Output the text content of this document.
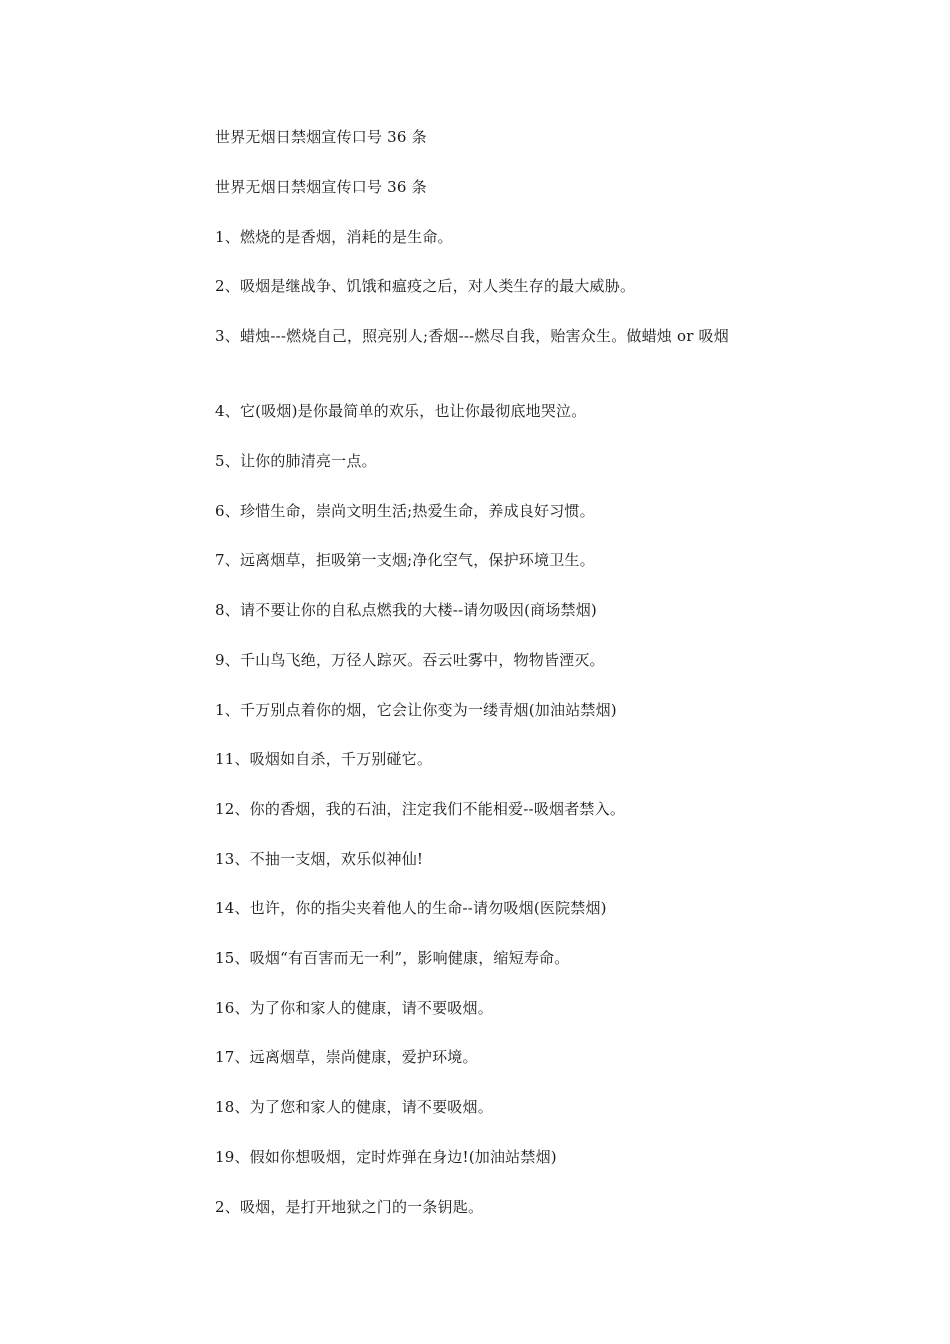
世界无烟日禁烟宣传口号 36 条
世界无烟日禁烟宣传口号 36 条
1、燃烧的是香烟，消耗的是生命。
2、吸烟是继战争、饥饿和瘟疫之后，对人类生存的最大威胁。
3、蜡烛---燃烧自己，照亮别人;香烟---燃尽自我，贻害众生。做蜡烛 or 吸烟
4、它(吸烟)是你最简单的欢乐，也让你最彻底地哭泣。
5、让你的肺清亮一点。
6、珍惜生命，崇尚文明生活;热爱生命，养成良好习惯。
7、远离烟草，拒吸第一支烟;净化空气，保护环境卫生。
8、请不要让你的自私点燃我的大楼--请勿吸因(商场禁烟)
9、千山鸟飞绝，万径人踪灭。吞云吐雾中，物物皆湮灭。
1、千万别点着你的烟，它会让你变为一缕青烟(加油站禁烟)
11、吸烟如自杀，千万别碰它。
12、你的香烟，我的石油，注定我们不能相爱--吸烟者禁入。
13、不抽一支烟，欢乐似神仙!
14、也许，你的指尖夹着他人的生命--请勿吸烟(医院禁烟)
15、吸烟“有百害而无一利”，影响健康，缩短寿命。
16、为了你和家人的健康，请不要吸烟。
17、远离烟草，崇尚健康，爱护环境。
18、为了您和家人的健康，请不要吸烟。
19、假如你想吸烟，定时炸弹在身边!(加油站禁烟)
2、吸烟，是打开地狱之门的一条钥匙。
